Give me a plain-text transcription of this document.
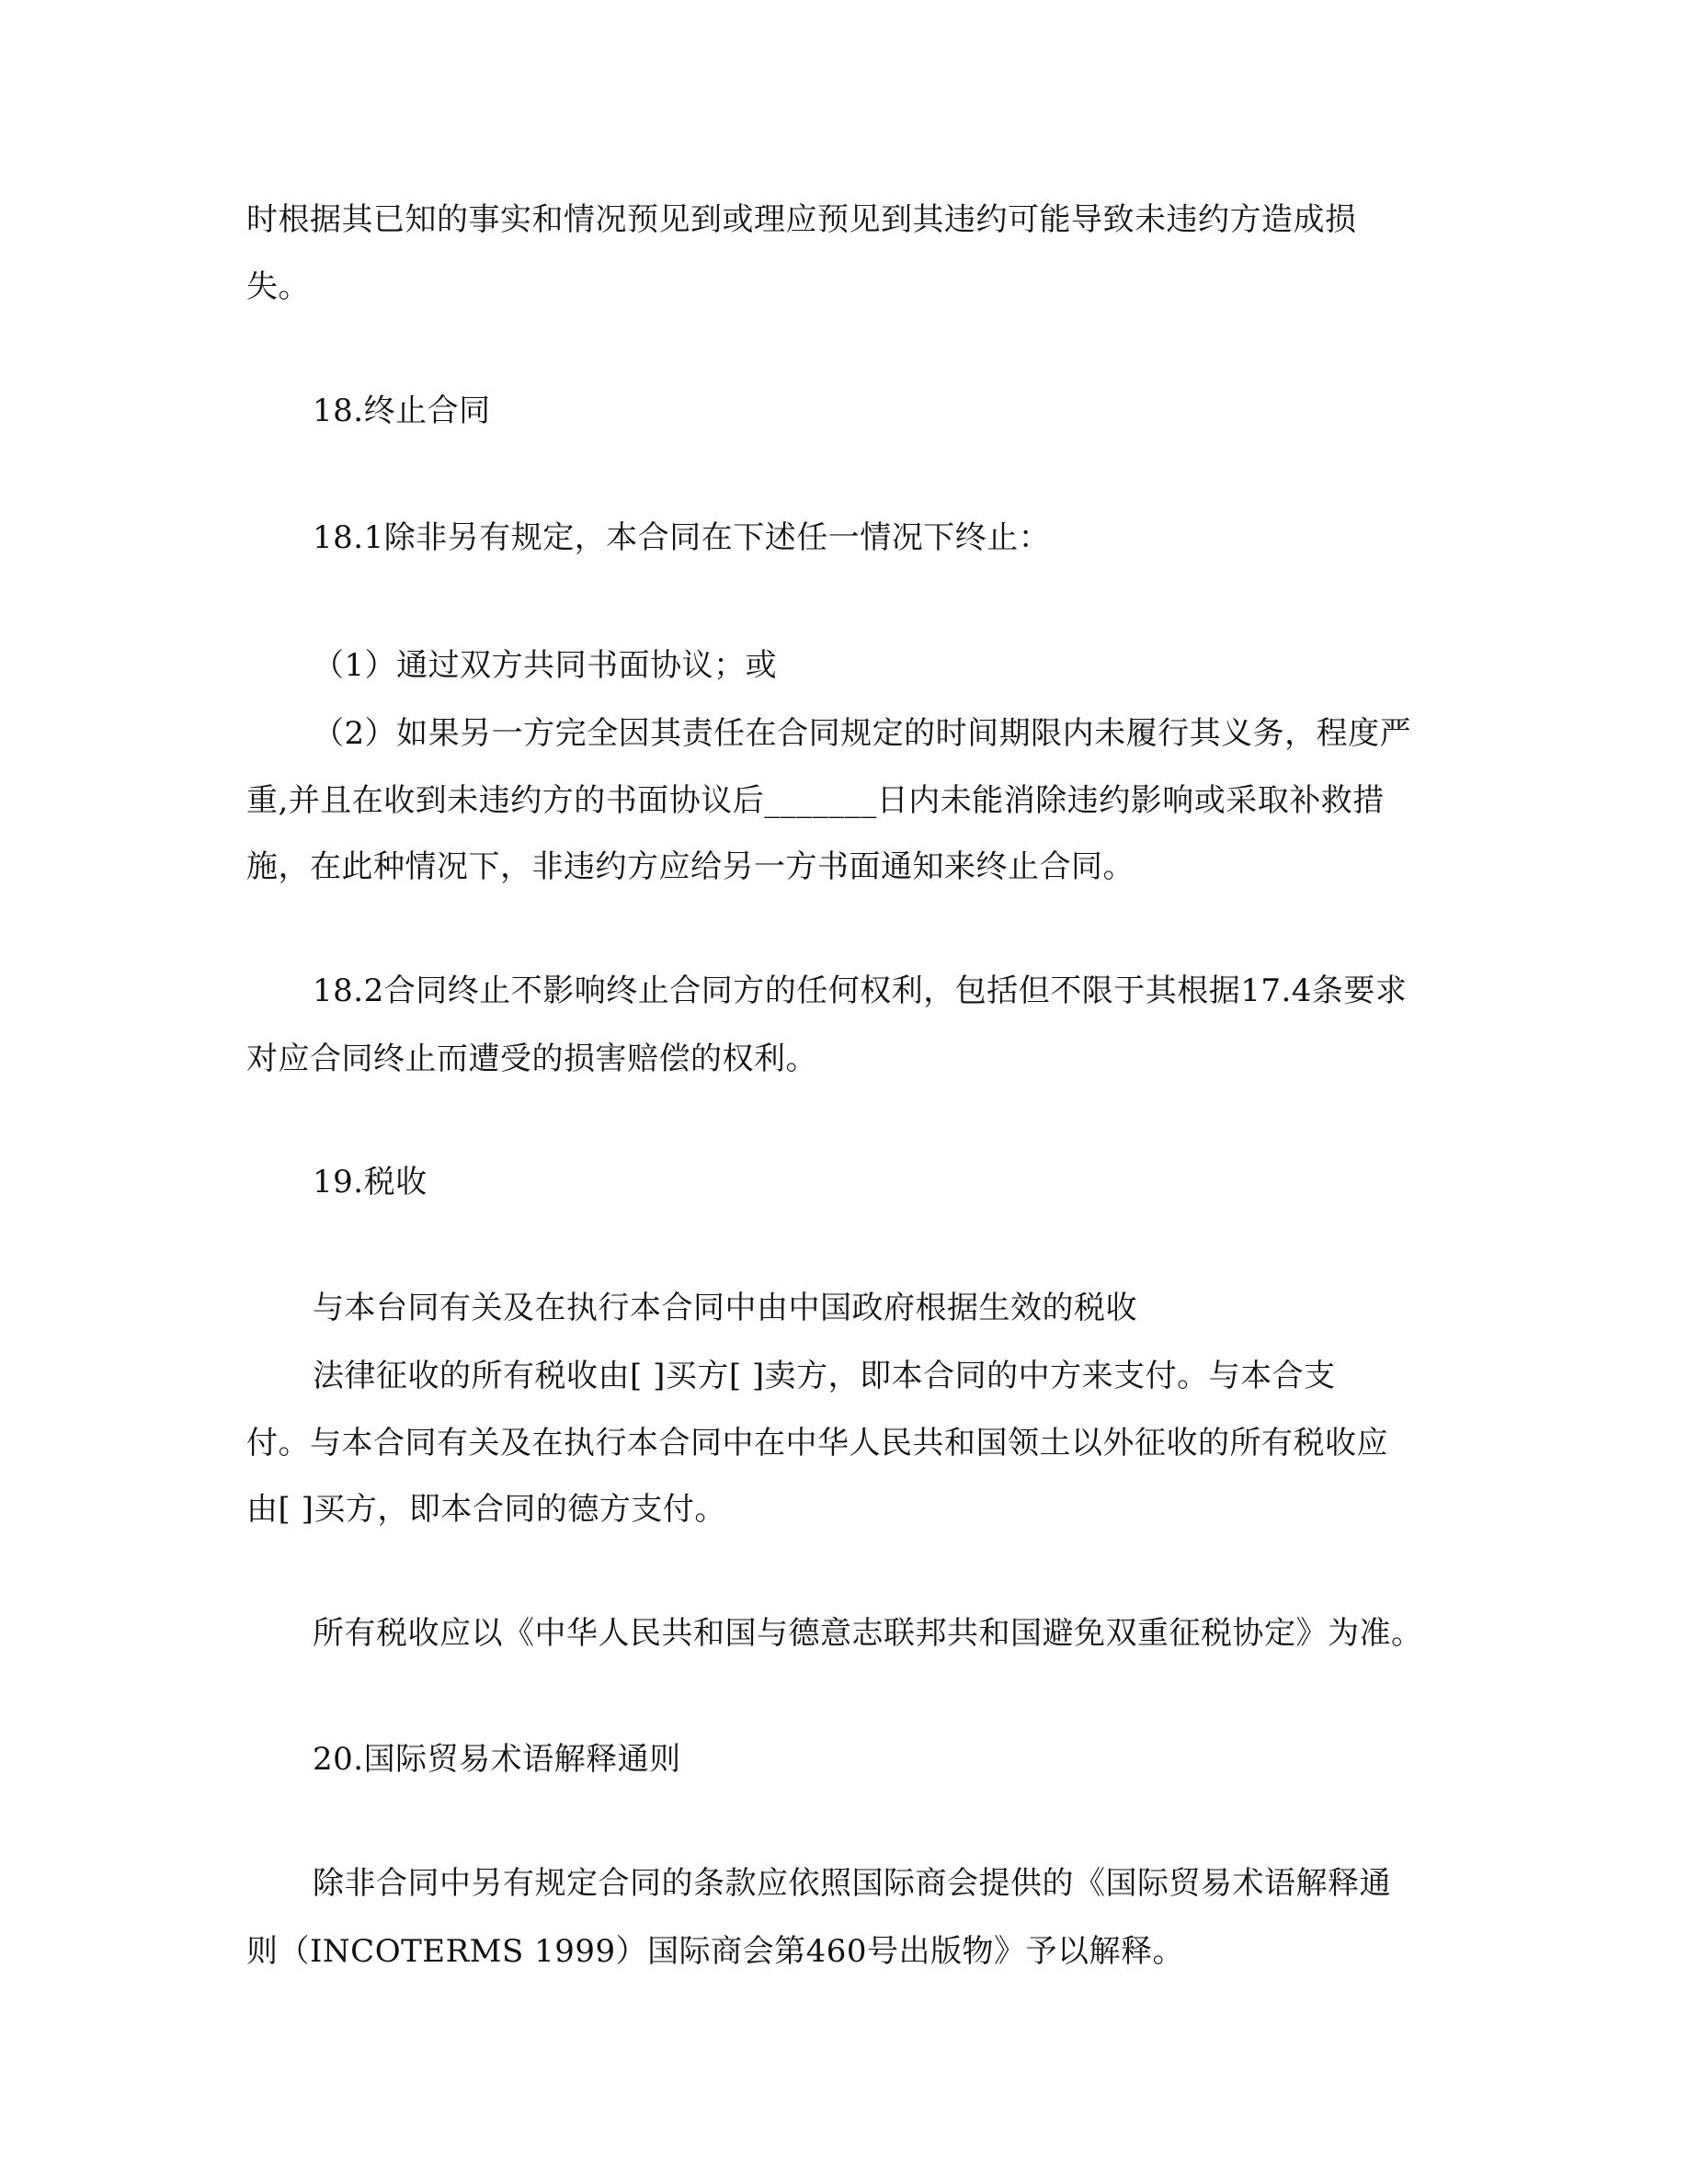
时根据其已知的事实和情况预见到或理应预见到其违约可能导致未违约方造成损
失。
18.终止合同
18.1除非另有规定，本合同在下述任一情况下终止：
（1）通过双方共同书面协议；或
（2）如果另一方完全因其责任在合同规定的时间期限内未履行其义务，程度严
重,并且在收到未违约方的书面协议后_______日内未能消除违约影响或采取补救措
施，在此种情况下，非违约方应给另一方书面通知来终止合同。
18.2合同终止不影响终止合同方的任何权利，包括但不限于其根据17.4条要求
对应合同终止而遭受的损害赔偿的权利。
19.税收
与本台同有关及在执行本合同中由中国政府根据生效的税收
法律征收的所有税收由[ ]买方[ ]卖方，即本合同的中方来支付。与本合支
付。与本合同有关及在执行本合同中在中华人民共和国领土以外征收的所有税收应
由[ ]买方，即本合同的德方支付。
所有税收应以《中华人民共和国与德意志联邦共和国避免双重征税协定》为准。
20.国际贸易术语解释通则
除非合同中另有规定合同的条款应依照国际商会提供的《国际贸易术语解释通
则（INCOTERMS 1999）国际商会第460号出版物》予以解释。
